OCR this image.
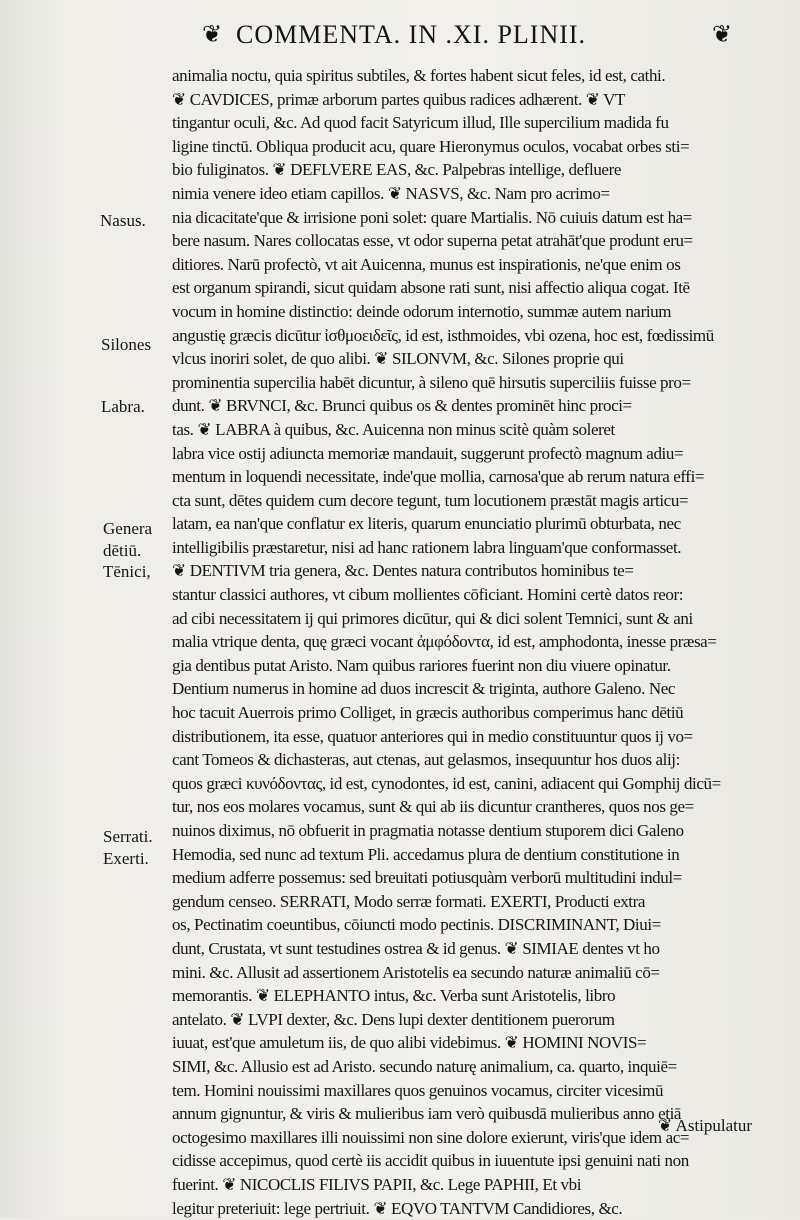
❦ COMMENTA. IN .XI. PLINII.	❦
Nasus.
Silones
Labra.
Genera
dētiū.
Tēnici,
Serrati.
Exerti.
animalia noctu, quia spiritus subtiles, & fortes habent sicut feles, id est, cathi.
❦ CAVDICES, primæ arborum partes quibus radices adhærent. ❦ VT
tingantur oculi, &c. Ad quod facit Satyricum illud, Ille supercilium madida fu
ligine tinctū. Obliqua producit acu, quare Hieronymus oculos, vocabat orbes sti=
bio fuliginatos. ❦ DEFLVERE EAS, &c. Palpebras intellige, defluere
nimia venere ideo etiam capillos. ❦ NASVS, &c. Nam pro acrimo=
nia dicacitate'que & irrisione poni solet: quare Martialis. Nō cuiuis datum est ha=
bere nasum. Nares collocatas esse, vt odor superna petat atrahāt'que produnt eru=
ditiores. Narū profectò, vt ait Auicenna, munus est inspirationis, ne'que enim os
est organum spirandi, sicut quidam absone rati sunt, nisi affectio aliqua cogat. Itē
vocum in homine distinctio: deinde odorum internotio, summæ autem narium
angustię græcis dicūtur ἰσθμοειδεῖς, id est, isthmoides, vbi ozena, hoc est, fœdissimū
vlcus inoriri solet, de quo alibi. ❦ SILONVM, &c. Silones proprie qui
prominentia supercilia habēt dicuntur, à sileno quē hirsutis superciliis fuisse pro=
dunt. ❦ BRVNCI, &c. Brunci quibus os & dentes prominēt hinc proci=
tas. ❦ LABRA à quibus, &c. Auicenna non minus scitè quàm soleret
labra vice ostij adiuncta memoriæ mandauit, suggerunt profectò magnum adiu=
mentum in loquendi necessitate, inde'que mollia, carnosa'que ab rerum natura effi=
cta sunt, dētes quidem cum decore tegunt, tum locutionem præstāt magis articu=
latam, ea nan'que conflatur ex literis, quarum enunciatio plurimū obturbata, nec
intelligibilis præstaretur, nisi ad hanc rationem labra linguam'que conformasset.
❦ DENTIVM tria genera, &c. Dentes natura contributos hominibus te=
stantur classici authores, vt cibum mollientes cōficiant. Homini certè datos reor:
ad cibi necessitatem ij qui primores dicūtur, qui & dici solent Temnici, sunt & ani
malia vtrique denta, quę græci vocant ἀμφόδοντα, id est, amphodonta, inesse præsa=
gia dentibus putat Aristo. Nam quibus rariores fuerint non diu viuere opinatur.
Dentium numerus in homine ad duos increscit & triginta, authore Galeno. Nec
hoc tacuit Auerrois primo Colliget, in græcis authoribus comperimus hanc dētiū
distributionem, ita esse, quatuor anteriores qui in medio constituuntur quos ij vo=
cant Tomeos & dichasteras, aut ctenas, aut gelasmos, insequuntur hos duos alij:
quos græci κυνόδοντας, id est, cynodontes, id est, canini, adiacent qui Gomphij dicū=
tur, nos eos molares vocamus, sunt & qui ab iis dicuntur crantheres, quos nos ge=
nuinos diximus, nō obfuerit in pragmatia notasse dentium stuporem dici Galeno
Hemodia, sed nunc ad textum Pli. accedamus plura de dentium constitutione in
medium adferre possemus: sed breuitati potiusquàm verborū multitudini indul=
gendum censeo. SERRATI, Modo serræ formati. EXERTI, Producti extra
os, Pectinatim coeuntibus, cōiuncti modo pectinis. DISCRIMINANT, Diui=
dunt, Crustata, vt sunt testudines ostrea & id genus. ❦ SIMIAE dentes vt ho
mini. &c. Allusit ad assertionem Aristotelis ea secundo naturæ animaliū cō=
memorantis. ❦ ELEPHANTO intus, &c. Verba sunt Aristotelis, libro
antelato. ❦ LVPI dexter, &c. Dens lupi dexter dentitionem puerorum
iuuat, est'que amuletum iis, de quo alibi videbimus. ❦ HOMINI NOVIS=
SIMI, &c. Allusio est ad Aristo. secundo naturę animalium, ca. quarto, inquiē=
tem. Homini nouissimi maxillares quos genuinos vocamus, circiter vicesimū
annum gignuntur, & viris & mulieribus iam verò quibusdā mulieribus anno etiā
octogesimo maxillares illi nouissimi non sine dolore exierunt, viris'que idem ac=
cidisse accepimus, quod certè iis accidit quibus in iuuentute ipsi genuini nati non
fuerint. ❦ NICOCLIS FILIVS PAPII, &c. Lege PAPHII, Et vbi
legitur preteriuit: lege pertriuit. ❦ EQVO TANTVM Candidiores, &c.
❦ Astipulatur
